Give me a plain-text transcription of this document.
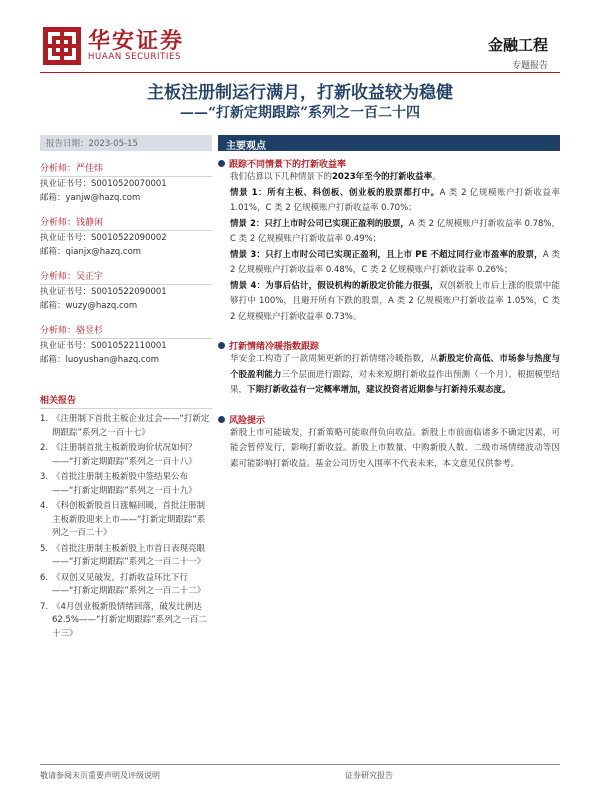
华安证券
HUAAN SECURITIES
金融工程
专题报告
主板注册制运行满月，打新收益较为稳健
——“打新定期跟踪”系列之一百二十四
报告日期：2023-05-15
分析师：严佳炜
执业证书号：S0010520070001
邮箱：yanjw@hazq.com
分析师：钱静闲
执业证书号：S0010522090002
邮箱：qianjx@hazq.com
分析师：吴正宇
执业证书号：S0010522090001
邮箱：wuzy@hazq.com
分析师：骆昱杉
执业证书号：S0010522110001
邮箱：luoyushan@hazq.com
相关报告
1. 《注册制下首批主板企业过会——“打新定期跟踪”系列之一百十七》
2. 《注册制首批主板新股询价状况如何？——“打新定期跟踪”系列之一百十八》
3. 《首批注册制主板新股中签结果公布——“打新定期跟踪”系列之一百十九》
4. 《科创板新股首日涨幅回暖，首批注册制主板新股迎来上市——“打新定期跟踪”系列之一百二十》
5. 《首批注册制主板新股上市首日表现亮眼——“打新定期跟踪”系列之一百二十一》
6. 《双创又见破发，打新收益环比下行——“打新定期跟踪”系列之一百二十二》
7. 《4月创业板新股情绪回落，破发比例达62.5%——“打新定期跟踪”系列之一百二十三》
主要观点
跟踪不同情景下的打新收益率

我们估算以下几种情景下的2023年至今的打新收益率。

情景 1：所有主板、科创板、创业板的股票都打中。A 类 2 亿规模账户打新收益率 1.01%，C 类 2 亿规模账户打新收益率 0.70%；

情景 2：只打上市时公司已实现正盈利的股票，A 类 2 亿规模账户打新收益率 0.78%，C 类 2 亿规模账户打新收益率 0.49%；

情景 3：只打上市时公司已实现正盈利，且上市 PE 不超过同行业市盈率的股票，A 类 2 亿规模账户打新收益率 0.48%，C 类 2 亿规模账户打新收益率 0.26%；

情景 4：为事后估计，假设机构的新股定价能力很强，双创新股上市后上涨的股票中能够打中 100%，且避开所有下跌的股票，A 类 2 亿规模账户打新收益率 1.05%，C 类 2 亿规模账户打新收益率 0.73%。

打新情绪冷暖指数跟踪

华安金工构造了一款周频更新的打新情绪冷暖指数，从新股定价高低、市场参与热度与个股盈利能力三个层面进行跟踪，对未来短期打新收益作出预测（一个月），根据模型结果，下期打新收益有一定概率增加，建议投资者近期参与打新持乐观态度。

风险提示

新股上市可能破发，打新策略可能取得负向收益。新股上市前面临诸多不确定因素，可能会暂停发行，影响打新收益。新股上市数量、中购新股人数、二级市场情绪波动等因素可能影响打新收益。基金公司历史入围率不代表未来，本文意见仅供参考。

敬请参阅末页重要声明及评级说明	证券研究报告
